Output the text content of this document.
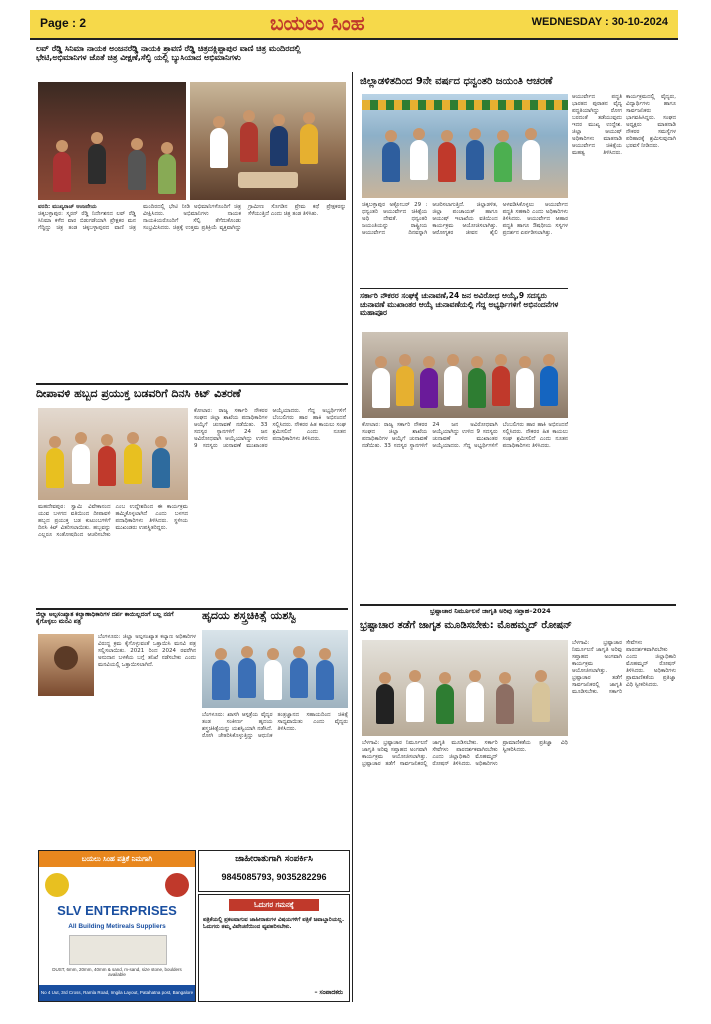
Page : 2	ಬಯಲು ಸಿಂಹ	WEDNESDAY : 30-10-2024
ಲವ್ ರೆಡ್ಡಿ ಸಿನಿಮಾ ನಾಯಕ ಅಂಜನರೆಡ್ಡಿ ನಾಯಕಿ ಶ್ರಾವಣಿ ರೆಡ್ಡಿ ಚಿತ್ರದಕ್ಲಿಪ್ಪಾಪುರ ವಾಣಿ ಚಿತ್ರ ಮಂದಿರದಲ್ಲಿ ಭೇಟಿ,ಅಭಿಮಾನಿಗಳ ಜೊತೆ ಚಿತ್ರ ವೀಕ್ಷಣೆ,ಸೆಲ್ಫಿ ಯಲ್ಲಿ ಬ್ಯುಸಿಯಾದ ಅಭಿಮಾನಿಗಳು

ವರದಿ: ಮುಖ್ಯರಾಜ್ ಆಂಜನೇಯ

ಚಿಕ್ಕಬಳ್ಳಾಪುರ: ಸ್ಮರನ್ ರೆಡ್ಡಿ ನಿರ್ದೇಶನದ ಲವ್ ರೆಡ್ಡಿ ಸಿನಿಮಾ ಕಳೆದ ವಾರ ಬಿಡುಗಡೆಯಾಗಿ ಪ್ರೇಕ್ಷಕರ ಮನ ಗೆದ್ದಿದ್ದು ಚಿತ್ರ ತಂಡ ಚಿಕ್ಕಬಳ್ಳಾಪುರದ ವಾಣಿ ಚಿತ್ರ ಮಂದಿರದಲ್ಲಿ ಭೇಟಿ ನೀಡಿ ಅಭಿಮಾನಿಗಳೊಂದಿಗೆ ಚಿತ್ರ ವೀಕ್ಷಿಸಿದರು. ಅಭಿಮಾನಿಗಳು ನಾಯಕ ನಾಯಕಿಯರೊಂದಿಗೆ ಸೆಲ್ಫಿ ತೆಗೆದುಕೊಂಡು ಸಂಭ್ರಮಿಸಿದರು. ಚಿತ್ರಕ್ಕೆ ಉತ್ತಮ ಪ್ರತಿಕ್ರಿಯೆ ವ್ಯಕ್ತವಾಗಿದ್ದು ಗ್ರಾಮೀಣ ಸೊಗಡಿನ ಪ್ರೇಮ ಕಥೆ ಪ್ರೇಕ್ಷಕರನ್ನು ಸೆಳೆಯುತ್ತಿದೆ ಎಂದು ಚಿತ್ರ ತಂಡ ತಿಳಿಸಿತು.

ದೀಪಾವಳಿ ಹಬ್ಬದ ಪ್ರಯುಕ್ತ ಬಡವರಿಗೆ ದಿನಸಿ ಕಿಟ್ ವಿತರಣೆ
ಮಹದೇವಪುರ: ಸ್ವಾಮಿ ವಿವೇಕಾನಂದ ಯುವ ಬಳಗದ ವತಿಯಿಂದ ದೀಪಾವಳಿ ಹಬ್ಬದ ಪ್ರಯುಕ್ತ ಬಡ ಕುಟುಂಬಗಳಿಗೆ ದಿನಸಿ ಕಿಟ್ ವಿತರಿಸಲಾಯಿತು. ಹಬ್ಬವನ್ನು ಎಲ್ಲರೂ ಸಂತೋಷದಿಂದ ಆಚರಿಸಬೇಕು ಎಂಬ ಉದ್ದೇಶದಿಂದ ಈ ಕಾರ್ಯಕ್ರಮ ಹಮ್ಮಿಕೊಳ್ಳಲಾಗಿದೆ ಎಂದು ಬಳಗದ ಪದಾಧಿಕಾರಿಗಳು ತಿಳಿಸಿದರು. ಸ್ಥಳೀಯ ಮುಖಂಡರು ಉಪಸ್ಥಿತರಿದ್ದರು.
ಕೋಲಾರ: ರಾಜ್ಯ ಸರ್ಕಾರಿ ನೌಕರರ ಸಂಘದ ಜಿಲ್ಲಾ ಶಾಖೆಯ ಪದಾಧಿಕಾರಿಗಳ ಆಯ್ಕೆಗೆ ಚುನಾವಣೆ ನಡೆಯಿತು. 33 ಸದಸ್ಯರ ಸ್ಥಾನಗಳಿಗೆ 24 ಜನ ಅವಿರೋಧವಾಗಿ ಆಯ್ಕೆಯಾಗಿದ್ದು ಉಳಿದ 9 ಸದಸ್ಯರು ಚುನಾವಣೆ ಮುಖಾಂತರ ಆಯ್ಕೆಯಾದರು. ಗೆದ್ದ ಅಭ್ಯರ್ಥಿಗಳಿಗೆ ಬೆಂಬಲಿಗರು ಹಾರ ಹಾಕಿ ಅಭಿನಂದನೆ ಸಲ್ಲಿಸಿದರು. ನೌಕರರ ಹಿತ ಕಾಯಲು ಸಂಘ ಶ್ರಮಿಸಲಿದೆ ಎಂದು ನೂತನ ಪದಾಧಿಕಾರಿಗಳು ತಿಳಿಸಿದರು.
ಜಿಲ್ಲಾ ಅಲ್ಪಸಂಖ್ಯಾತ ಕಲ್ಯಾಣಾಧಿಕಾರಿಗಳ ದರ್ಪ ಕಾಯಿಲ್ಲದಂಗೆ ಬಲ್ಲ ನನಗೆ ಕೈಗೊಳ್ಳಲು ಮನವಿ ಪತ್ರ
ಬೆಂಗಳೂರು: ಜಿಲ್ಲಾ ಅಲ್ಪಸಂಖ್ಯಾತ ಕಲ್ಯಾಣ ಅಧಿಕಾರಿಗಳ ವಿರುದ್ಧ ಕ್ರಮ ಕೈಗೊಳ್ಳುವಂತೆ ಒತ್ತಾಯಿಸಿ ಮನವಿ ಪತ್ರ ಸಲ್ಲಿಸಲಾಯಿತು. 2021 ರಿಂದ 2024 ರವರೆಗಿನ ಅನುದಾನ ಬಳಕೆಯ ಬಗ್ಗೆ ತನಿಖೆ ನಡೆಸಬೇಕು ಎಂದು ಮನವಿಯಲ್ಲಿ ಒತ್ತಾಯಿಸಲಾಗಿದೆ.
ಹೃದಯ ಶಸ್ತ್ರಚಿಕಿತ್ಸೆ ಯಶಸ್ವಿ
ಬೆಂಗಳೂರು: ಖಾಸಗಿ ಆಸ್ಪತ್ರೆಯ ವೈದ್ಯರ ತಂಡ ಸಂಕೀರ್ಣ ಹೃದಯ ಶಸ್ತ್ರಚಿಕಿತ್ಸೆಯನ್ನು ಯಶಸ್ವಿಯಾಗಿ ನಡೆಸಿದೆ. ರೋಗಿ ಚೇತರಿಸಿಕೊಳ್ಳುತ್ತಿದ್ದು ಆಧುನಿಕ ತಂತ್ರಜ್ಞಾನದ ಸಹಾಯದಿಂದ ಚಿಕಿತ್ಸೆ ಸಾಧ್ಯವಾಯಿತು ಎಂದು ವೈದ್ಯರು ತಿಳಿಸಿದರು.
ಬಯಲು ಸಿಂಹ ಪತ್ರಿಕೆ ನಿಮಗಾಗಿ
SLV ENTERPRISES
All Building Metireals Suppliers
DUST, 6mm, 20mm, 40mm & sand, m-sand, size stone, boulders available
No 4 Uut, 3rd Cross, Ramla Road, Imgila Layout, Patahatna post, Bangalore
ಜಾಹೀರಾತುಗಾಗಿ ಸಂಪರ್ಕಿಸಿ
9845085793, 9035282296
ಓದುಗರ ಗಮನಕ್ಕೆ
ಪತ್ರಿಕೆಯಲ್ಲಿ ಪ್ರಕಟವಾಗುವ ಜಾಹೀರಾತುಗಳ ವಿಷಯಗಳಿಗೆ ಪತ್ರಿಕೆ ಜವಾಬ್ದಾರಿಯಲ್ಲ. ಓದುಗರು ತಮ್ಮ ವಿವೇಚನೆಯಿಂದ ವ್ಯವಹರಿಸಬೇಕು.
– ಸಂಪಾದಕರು
ಜಿಲ್ಲಾಡಳಿತದಿಂದ 9ನೇ ವರ್ಷದ ಧನ್ವಂತರಿ ಜಯಂತಿ ಆಚರಣೆ
ಚಿಕ್ಕಬಳ್ಳಾಪುರ ಅಕ್ಟೋಬರ್ 29 : ಧನ್ವಂತರಿ ಆಯುರ್ವೇದ ಚಿಕಿತ್ಸೆಯ ಅಧಿ ದೇವತೆ. ಧನ್ವಂತರಿ ಜಯಂತಿಯನ್ನು ರಾಷ್ಟ್ರೀಯ ಆಯುರ್ವೇದ ದಿನವನ್ನಾಗಿ ಆಚರಿಸಲಾಗುತ್ತಿದೆ. ಜಿಲ್ಲಾಡಳಿತ, ಜಿಲ್ಲಾ ಪಂಚಾಯತ್ ಹಾಗೂ ಆಯುಷ್ ಇಲಾಖೆಯ ವತಿಯಿಂದ ಕಾರ್ಯಕ್ರಮ ಆಯೋಜಿಸಲಾಗಿತ್ತು. ಆರೋಗ್ಯಕರ ಜೀವನ ಶೈಲಿ ಅಳವಡಿಸಿಕೊಳ್ಳಲು ಆಯುರ್ವೇದ ಪದ್ಧತಿ ಸಹಕಾರಿ ಎಂದು ಅಧಿಕಾರಿಗಳು ತಿಳಿಸಿದರು. ಆಯುರ್ವೇದ ಆಹಾರ ಪದ್ಧತಿ ಹಾಗೂ ಔಷಧೀಯ ಸಸ್ಯಗಳ ಪ್ರದರ್ಶನ ಏರ್ಪಡಿಸಲಾಗಿತ್ತು.
ಆಯುರ್ವೇದ ಪದ್ಧತಿ ಭಾರತದ ಪುರಾತನ ವೈದ್ಯ ಪದ್ಧತಿಯಾಗಿದ್ದು ರೋಗ ಬರದಂತೆ ತಡೆಯುವುದು ಇದರ ಮುಖ್ಯ ಉದ್ದೇಶ. ಜಿಲ್ಲಾ ಆಯುಷ್ ಅಧಿಕಾರಿಗಳು ಮಾತನಾಡಿ ಆಯುರ್ವೇದ ಚಿಕಿತ್ಸೆಯ ಮಹತ್ವ ತಿಳಿಸಿದರು. ಕಾರ್ಯಕ್ರಮದಲ್ಲಿ ವೈದ್ಯರು, ವಿದ್ಯಾರ್ಥಿಗಳು ಹಾಗೂ ಸಾರ್ವಜನಿಕರು ಭಾಗವಹಿಸಿದ್ದರು. ಸಂಘದ ಅಧ್ಯಕ್ಷರು ಮಾತನಾಡಿ ನೌಕರರ ಸಮಸ್ಯೆಗಳ ಪರಿಹಾರಕ್ಕೆ ಶ್ರಮಿಸುವುದಾಗಿ ಭರವಸೆ ನೀಡಿದರು.
ಸರ್ಕಾರಿ ನೌಕರರ ಸಂಘಕ್ಕೆ ಚುನಾವಣೆ,24 ಜನ ಅವಿರೋಧ ಆಯ್ಕೆ,9 ಸದಸ್ಯರು ಚುನಾವಣೆ ಮುಖಾಂತರ ಆಯ್ಕೆ ಚುನಾವಣೆಯಲ್ಲಿ ಗೆದ್ದ ಅಭ್ಯರ್ಥಿಗಳಿಗೆ ಅಭಿನಂದನೆಗಳ ಮಹಾಪೂರ
ಕೋಲಾರ: ರಾಜ್ಯ ಸರ್ಕಾರಿ ನೌಕರರ ಸಂಘದ ಜಿಲ್ಲಾ ಶಾಖೆಯ ಪದಾಧಿಕಾರಿಗಳ ಆಯ್ಕೆಗೆ ಚುನಾವಣೆ ನಡೆಯಿತು. 33 ಸದಸ್ಯರ ಸ್ಥಾನಗಳಿಗೆ 24 ಜನ ಅವಿರೋಧವಾಗಿ ಆಯ್ಕೆಯಾಗಿದ್ದು ಉಳಿದ 9 ಸದಸ್ಯರು ಚುನಾವಣೆ ಮುಖಾಂತರ ಆಯ್ಕೆಯಾದರು. ಗೆದ್ದ ಅಭ್ಯರ್ಥಿಗಳಿಗೆ ಬೆಂಬಲಿಗರು ಹಾರ ಹಾಕಿ ಅಭಿನಂದನೆ ಸಲ್ಲಿಸಿದರು. ನೌಕರರ ಹಿತ ಕಾಯಲು ಸಂಘ ಶ್ರಮಿಸಲಿದೆ ಎಂದು ನೂತನ ಪದಾಧಿಕಾರಿಗಳು ತಿಳಿಸಿದರು.
ಭ್ರಷ್ಟಾಚಾರ ನಿರ್ಮೂಲನೆ ಜಾಗೃತಿ ಅರಿವು ಸಪ್ತಾಹ–2024
ಭ್ರಷ್ಟಾಚಾರ ತಡೆಗೆ ಜಾಗೃತ ಮೂಡಿಸಬೇಕು: ಮೊಹಮ್ಮದ್ ರೋಷನ್
ಬೆಳಗಾವಿ: ಭ್ರಷ್ಟಾಚಾರ ನಿರ್ಮೂಲನೆ ಜಾಗೃತಿ ಅರಿವು ಸಪ್ತಾಹದ ಅಂಗವಾಗಿ ಕಾರ್ಯಕ್ರಮ ಆಯೋಜಿಸಲಾಗಿತ್ತು. ಭ್ರಷ್ಟಾಚಾರ ತಡೆಗೆ ಸಾರ್ವಜನಿಕರಲ್ಲಿ ಜಾಗೃತಿ ಮೂಡಿಸಬೇಕು. ಸರ್ಕಾರಿ ಸೇವೆಗಳು ಪಾರದರ್ಶಕವಾಗಿರಬೇಕು ಎಂದು ಜಿಲ್ಲಾಧಿಕಾರಿ ಮೊಹಮ್ಮದ್ ರೋಷನ್ ತಿಳಿಸಿದರು. ಅಧಿಕಾರಿಗಳು ಪ್ರಾಮಾಣಿಕತೆಯ ಪ್ರತಿಜ್ಞಾ ವಿಧಿ ಸ್ವೀಕರಿಸಿದರು.
ಬೆಳಗಾವಿ: ಭ್ರಷ್ಟಾಚಾರ ನಿರ್ಮೂಲನೆ ಜಾಗೃತಿ ಅರಿವು ಸಪ್ತಾಹದ ಅಂಗವಾಗಿ ಕಾರ್ಯಕ್ರಮ ಆಯೋಜಿಸಲಾಗಿತ್ತು. ಭ್ರಷ್ಟಾಚಾರ ತಡೆಗೆ ಸಾರ್ವಜನಿಕರಲ್ಲಿ ಜಾಗೃತಿ ಮೂಡಿಸಬೇಕು. ಸರ್ಕಾರಿ ಸೇವೆಗಳು ಪಾರದರ್ಶಕವಾಗಿರಬೇಕು ಎಂದು ಜಿಲ್ಲಾಧಿಕಾರಿ ಮೊಹಮ್ಮದ್ ರೋಷನ್ ತಿಳಿಸಿದರು. ಅಧಿಕಾರಿಗಳು ಪ್ರಾಮಾಣಿಕತೆಯ ಪ್ರತಿಜ್ಞಾ ವಿಧಿ ಸ್ವೀಕರಿಸಿದರು.
